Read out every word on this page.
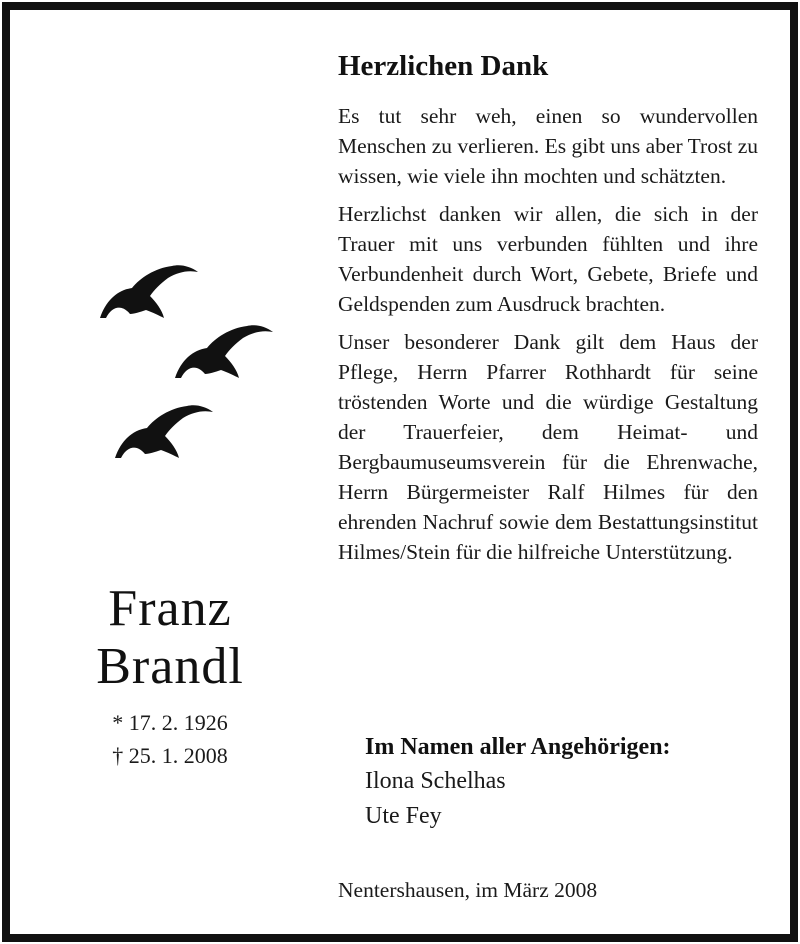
Franz
Brandl
* 17. 2. 1926
† 25. 1. 2008
Herzlichen Dank

Es tut sehr weh, einen so wundervollen Menschen zu verlieren. Es gibt uns aber Trost zu wissen, wie viele ihn mochten und schätzten.

Herzlichst danken wir allen, die sich in der Trauer mit uns verbunden fühlten und ihre Verbundenheit durch Wort, Gebete, Briefe und Geldspenden zum Ausdruck brachten.

Unser besonderer Dank gilt dem Haus der Pflege, Herrn Pfarrer Rothhardt für seine tröstenden Worte und die würdige Gestaltung der Trauerfeier, dem Heimat- und Bergbaumuseumsverein für die Ehrenwache, Herrn Bürgermeister Ralf Hilmes für den ehrenden Nachruf sowie dem Bestattungsinstitut Hilmes/Stein für die hilfreiche Unterstützung.

Im Namen aller Angehörigen:
Ilona Schelhas
Ute Fey
Nentershausen, im März 2008
